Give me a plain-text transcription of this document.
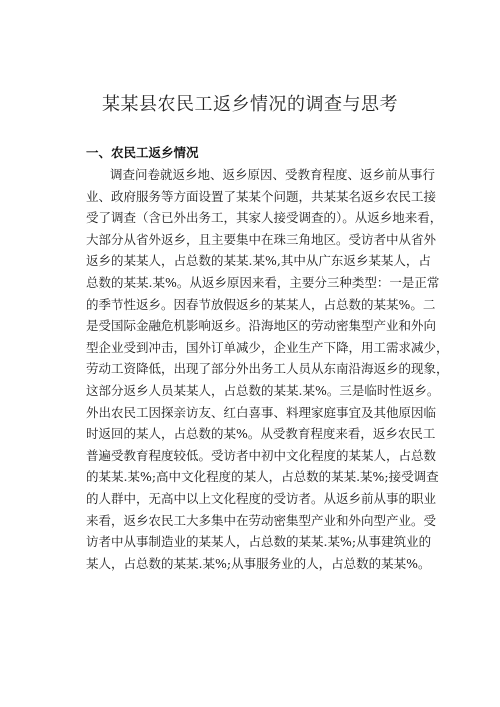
某某县农民工返乡情况的调查与思考
一、农民工返乡情况
调查问卷就返乡地、返乡原因、受教育程度、返乡前从事行
业、政府服务等方面设置了某某个问题，共某某名返乡农民工接
受了调查（含已外出务工，其家人接受调查的）。从返乡地来看，
大部分从省外返乡，且主要集中在珠三角地区。受访者中从省外
返乡的某某人，占总数的某某.某%,其中从广东返乡某某人，占
总数的某某.某%。从返乡原因来看，主要分三种类型：一是正常
的季节性返乡。因春节放假返乡的某某人，占总数的某某%。二
是受国际金融危机影响返乡。沿海地区的劳动密集型产业和外向
型企业受到冲击，国外订单减少，企业生产下降，用工需求减少，
劳动工资降低，出现了部分外出务工人员从东南沿海返乡的现象，
这部分返乡人员某某人，占总数的某某.某%。三是临时性返乡。
外出农民工因探亲访友、红白喜事、料理家庭事宜及其他原因临
时返回的某人，占总数的某%。从受教育程度来看，返乡农民工
普遍受教育程度较低。受访者中初中文化程度的某某人，占总数
的某某.某%;高中文化程度的某人，占总数的某某.某%;接受调查
的人群中，无高中以上文化程度的受访者。从返乡前从事的职业
来看，返乡农民工大多集中在劳动密集型产业和外向型产业。受
访者中从事制造业的某某人，占总数的某某.某%;从事建筑业的
某人，占总数的某某.某%;从事服务业的人，占总数的某某%。
